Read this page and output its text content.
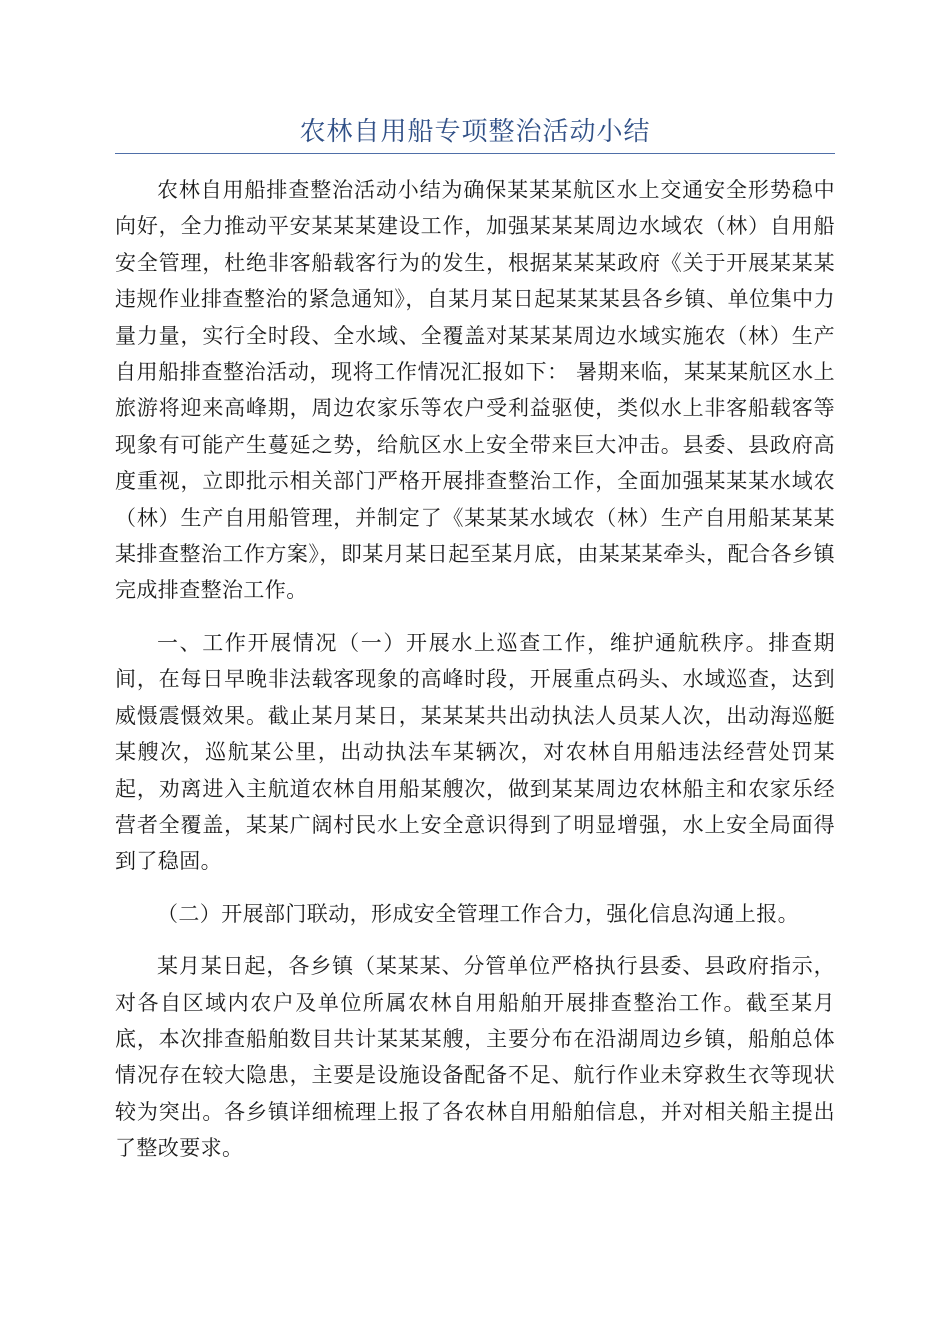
农林自用船专项整治活动小结

农林自用船排查整治活动小结为确保某某某航区水上交通安全形势稳中向好，全力推动平安某某某建设工作，加强某某某周边水域农（林）自用船安全管理，杜绝非客船载客行为的发生，根据某某某政府《关于开展某某某违规作业排查整治的紧急通知》，自某月某日起某某某县各乡镇、单位集中力量力量，实行全时段、全水域、全覆盖对某某某周边水域实施农（林）生产自用船排查整治活动，现将工作情况汇报如下： 暑期来临，某某某航区水上旅游将迎来高峰期，周边农家乐等农户受利益驱使，类似水上非客船载客等现象有可能产生蔓延之势，给航区水上安全带来巨大冲击。县委、县政府高度重视，立即批示相关部门严格开展排查整治工作，全面加强某某某水域农（林）生产自用船管理，并制定了《某某某水域农（林）生产自用船某某某某排查整治工作方案》，即某月某日起至某月底，由某某某牵头，配合各乡镇完成排查整治工作。

一、工作开展情况（一）开展水上巡查工作，维护通航秩序。排查期间，在每日早晚非法载客现象的高峰时段，开展重点码头、水域巡查，达到威慑震慑效果。截止某月某日，某某某共出动执法人员某人次，出动海巡艇某艘次，巡航某公里，出动执法车某辆次，对农林自用船违法经营处罚某起，劝离进入主航道农林自用船某艘次，做到某某周边农林船主和农家乐经营者全覆盖，某某广阔村民水上安全意识得到了明显增强，水上安全局面得到了稳固。

（二）开展部门联动，形成安全管理工作合力，强化信息沟通上报。

某月某日起，各乡镇（某某某、分管单位严格执行县委、县政府指示，对各自区域内农户及单位所属农林自用船舶开展排查整治工作。截至某月底，本次排查船舶数目共计某某某艘，主要分布在沿湖周边乡镇，船舶总体情况存在较大隐患，主要是设施设备配备不足、航行作业未穿救生衣等现状较为突出。各乡镇详细梳理上报了各农林自用船舶信息，并对相关船主提出了整改要求。
